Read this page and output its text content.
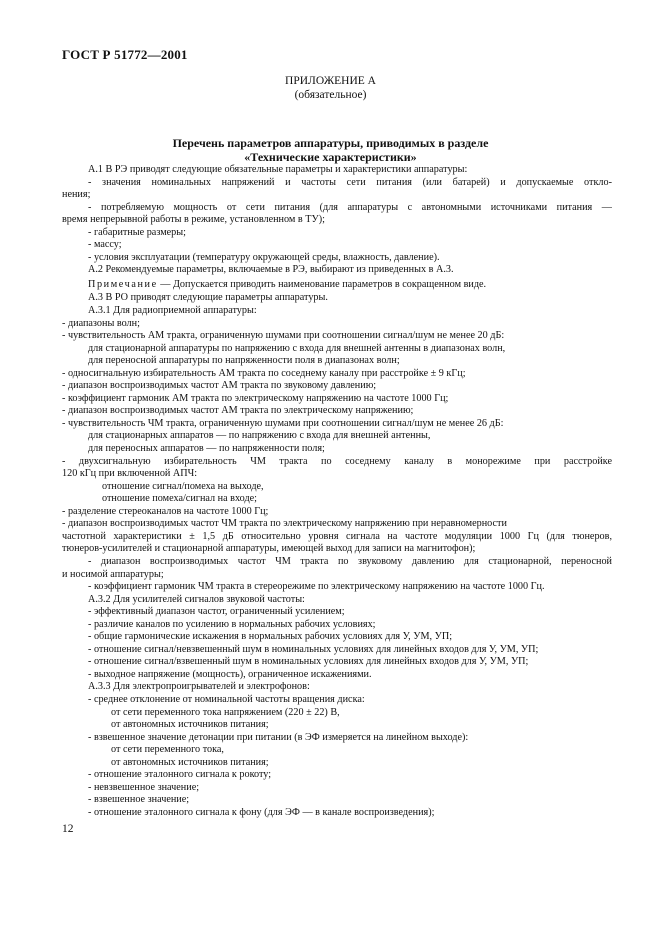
ГОСТ Р 51772—2001
ПРИЛОЖЕНИЕ А
(обязательное)
Перечень параметров аппаратуры, приводимых в разделе
«Технические характеристики»

А.1 В РЭ приводят следующие обязательные параметры и характеристики аппаратуры:

- значения номинальных напряжений и частоты сети питания (или батарей) и допускаемые откло-

нения;

- потребляемую мощность от сети питания (для аппаратуры с автономными источниками питания —

время непрерывной работы в режиме, установленном в ТУ);

- габаритные размеры;

- массу;

- условия эксплуатации (температуру окружающей среды, влажность, давление).

А.2 Рекомендуемые параметры, включаемые в РЭ, выбирают из приведенных в А.3.

Примечание — Допускается приводить наименование параметров в сокращенном виде.

А.3 В РО приводят следующие параметры аппаратуры.

А.3.1 Для радиоприемной аппаратуры:

- диапазоны волн;

- чувствительность АМ тракта, ограниченную шумами при соотношении сигнал/шум не менее 20 дБ:

для стационарной аппаратуры по напряжению с входа для внешней антенны в диапазонах волн,

для переносной аппаратуры по напряженности поля в диапазонах волн;

- односигнальную избирательность АМ тракта по соседнему каналу при расстройке ± 9 кГц;

- диапазон воспроизводимых частот АМ тракта по звуковому давлению;

- коэффициент гармоник АМ тракта по электрическому напряжению на частоте 1000 Гц;

- диапазон воспроизводимых частот АМ тракта по электрическому напряжению;

- чувствительность ЧМ тракта, ограниченную шумами при соотношении сигнал/шум не менее 26 дБ:

для стационарных аппаратов — по напряжению с входа для внешней антенны,

для переносных аппаратов — по напряженности поля;

- двухсигнальную избирательность ЧМ тракта по соседнему каналу в монорежиме при расстройке

120 кГц при включенной АПЧ:

отношение сигнал/помеха на выходе,

отношение помеха/сигнал на входе;

- разделение стереоканалов на частоте 1000 Гц;

- диапазон воспроизводимых частот ЧМ тракта по электрическому напряжению при неравномерности

частотной характеристики ± 1,5 дБ относительно уровня сигнала на частоте модуляции 1000 Гц (для тюнеров,

тюнеров-усилителей и стационарной аппаратуры, имеющей выход для записи на магнитофон);

- диапазон воспроизводимых частот ЧМ тракта по звуковому давлению для стационарной, переносной

и носимой аппаратуры;

- коэффициент гармоник ЧМ тракта в стереорежиме по электрическому напряжению на частоте 1000 Гц.

А.3.2 Для усилителей сигналов звуковой частоты:

- эффективный диапазон частот, ограниченный усилением;

- различие каналов по усилению в нормальных рабочих условиях;

- общие гармонические искажения в нормальных рабочих условиях для У, УМ, УП;

- отношение сигнал/невзвешенный шум в номинальных условиях для линейных входов для У, УМ, УП;

- отношение сигнал/взвешенный шум в номинальных условиях для линейных входов для У, УМ, УП;

- выходное напряжение (мощность), ограниченное искажениями.

А.3.3 Для электропроигрывателей и электрофонов:

- среднее отклонение от номинальной частоты вращения диска:

от сети переменного тока напряжением (220 ± 22) В,

от автономных источников питания;

- взвешенное значение детонации при питании (в ЭФ измеряется на линейном выходе):

от сети переменного тока,

от автономных источников питания;

- отношение эталонного сигнала к рокоту;

- невзвешенное значение;

- взвешенное значение;

- отношение эталонного сигнала к фону (для ЭФ — в канале воспроизведения);

12
